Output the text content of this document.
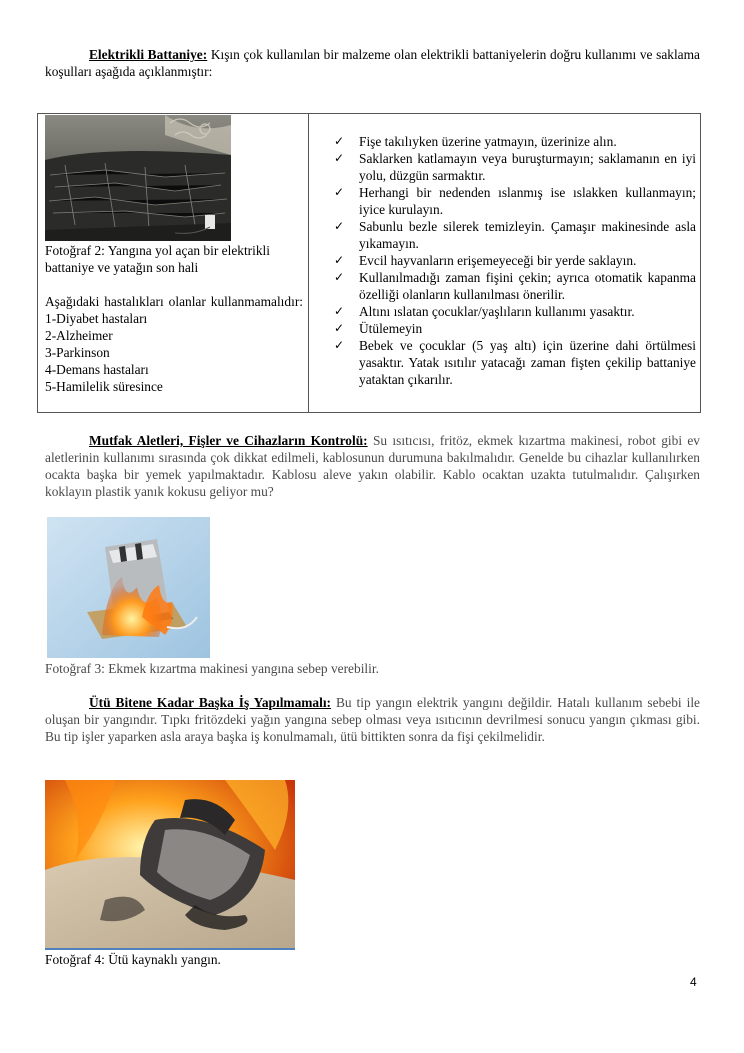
Elektrikli Battaniye: Kışın çok kullanılan bir malzeme olan elektrikli battaniyelerin doğru kullanımı ve saklama koşulları aşağıda açıklanmıştır:

Fotoğraf 2: Yangına yol açan bir elektrikli battaniye ve yatağın son hali
Aşağıdaki hastalıkları olanlar kullanmamalıdır:
1-Diyabet hastaları
2-Alzheimer
3-Parkinson
4-Demans hastaları
5-Hamilelik süresince
✓ Fişe takılıyken üzerine yatmayın, üzerinize alın.
✓ Saklarken katlamayın veya buruşturmayın; saklamanın en iyi yolu, düzgün sarmaktır.
✓ Herhangi bir nedenden ıslanmış ise ıslakken kullanmayın; iyice kurulayın.
✓ Sabunlu bezle silerek temizleyin. Çamaşır makinesinde asla yıkamayın.
✓ Evcil hayvanların erişemeyeceği bir yerde saklayın.
✓ Kullanılmadığı zaman fişini çekin; ayrıca otomatik kapanma özelliği olanların kullanılması önerilir.
✓ Altını ıslatan çocuklar/yaşlıların kullanımı yasaktır.
✓ Ütülemeyin
✓ Bebek ve çocuklar (5 yaş altı) için üzerine dahi örtülmesi yasaktır. Yatak ısıtılır yatacağı zaman fişten çekilip battaniye yataktan çıkarılır.

Mutfak Aletleri, Fişler ve Cihazların Kontrolü: Su ısıtıcısı, fritöz, ekmek kızartma makinesi, robot gibi ev aletlerinin kullanımı sırasında çok dikkat edilmeli, kablosunun durumuna bakılmalıdır. Genelde bu cihazlar kullanılırken ocakta başka bir yemek yapılmaktadır. Kablosu aleve yakın olabilir. Kablo ocaktan uzakta tutulmalıdır. Çalışırken koklayın plastik yanık kokusu geliyor mu?

Fotoğraf 3: Ekmek kızartma makinesi yangına sebep verebilir.

Ütü Bitene Kadar Başka İş Yapılmamalı: Bu tip yangın elektrik yangını değildir. Hatalı kullanım sebebi ile oluşan bir yangındır. Tıpkı fritözdeki yağın yangına sebep olması veya ısıtıcının devrilmesi sonucu yangın çıkması gibi. Bu tip işler yaparken asla araya başka iş konulmamalı, ütü bittikten sonra da fişi çekilmelidir.

Fotoğraf 4: Ütü kaynaklı yangın.
4
